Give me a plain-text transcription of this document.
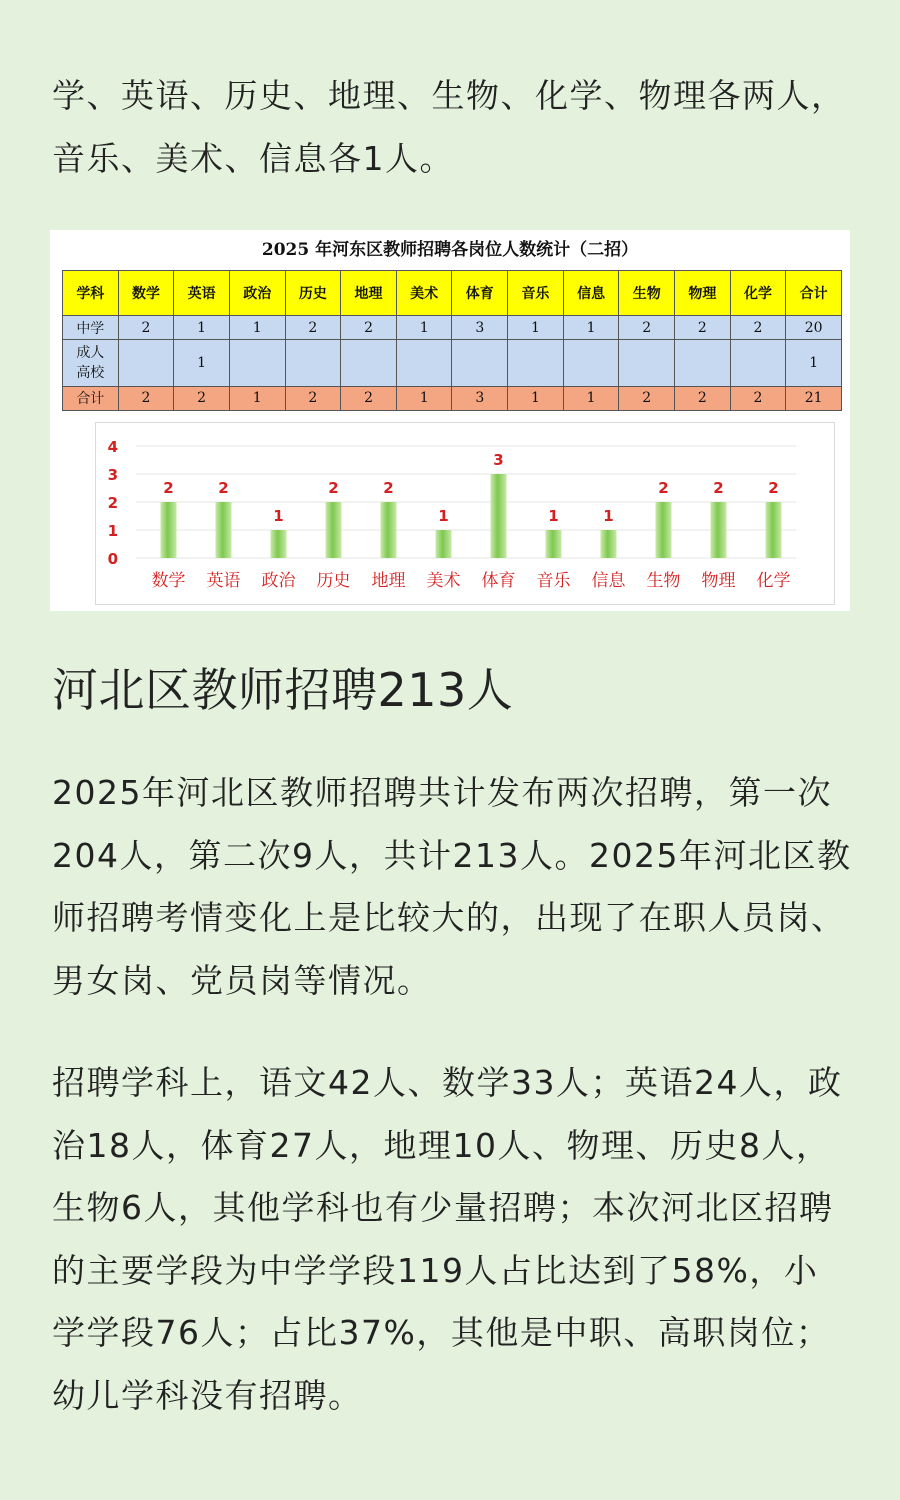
学、英语、历史、地理、生物、化学、物理各两人，音乐、美术、信息各1人。

2025 年河东区教师招聘各岗位人数统计（二招）
学科	数学	英语	政治	历史	地理	美术	体育	音乐	信息	生物	物理	化学	合计
中学	2	1	1	2	2	1	3	1	1	2	2	2	20
成人
高校		1											1
合计	2	2	1	2	2	1	3	1	1	2	2	2	21
0
1
2
3
4
2
数学
2
英语
1
政治
2
历史
2
地理
1
美术
3
体育
1
音乐
1
信息
2
生物
2
物理
2
化学
河北区教师招聘213人

2025年河北区教师招聘共计发布两次招聘，第一次204人，第二次9人，共计213人。2025年河北区教师招聘考情变化上是比较大的，出现了在职人员岗、男女岗、党员岗等情况。

招聘学科上，语文42人、数学33人；英语24人，政治18人，体育27人，地理10人、物理、历史8人，生物6人，其他学科也有少量招聘；本次河北区招聘的主要学段为中学学段119人占比达到了58%，小学学段76人；占比37%，其他是中职、高职岗位；幼儿学科没有招聘。
